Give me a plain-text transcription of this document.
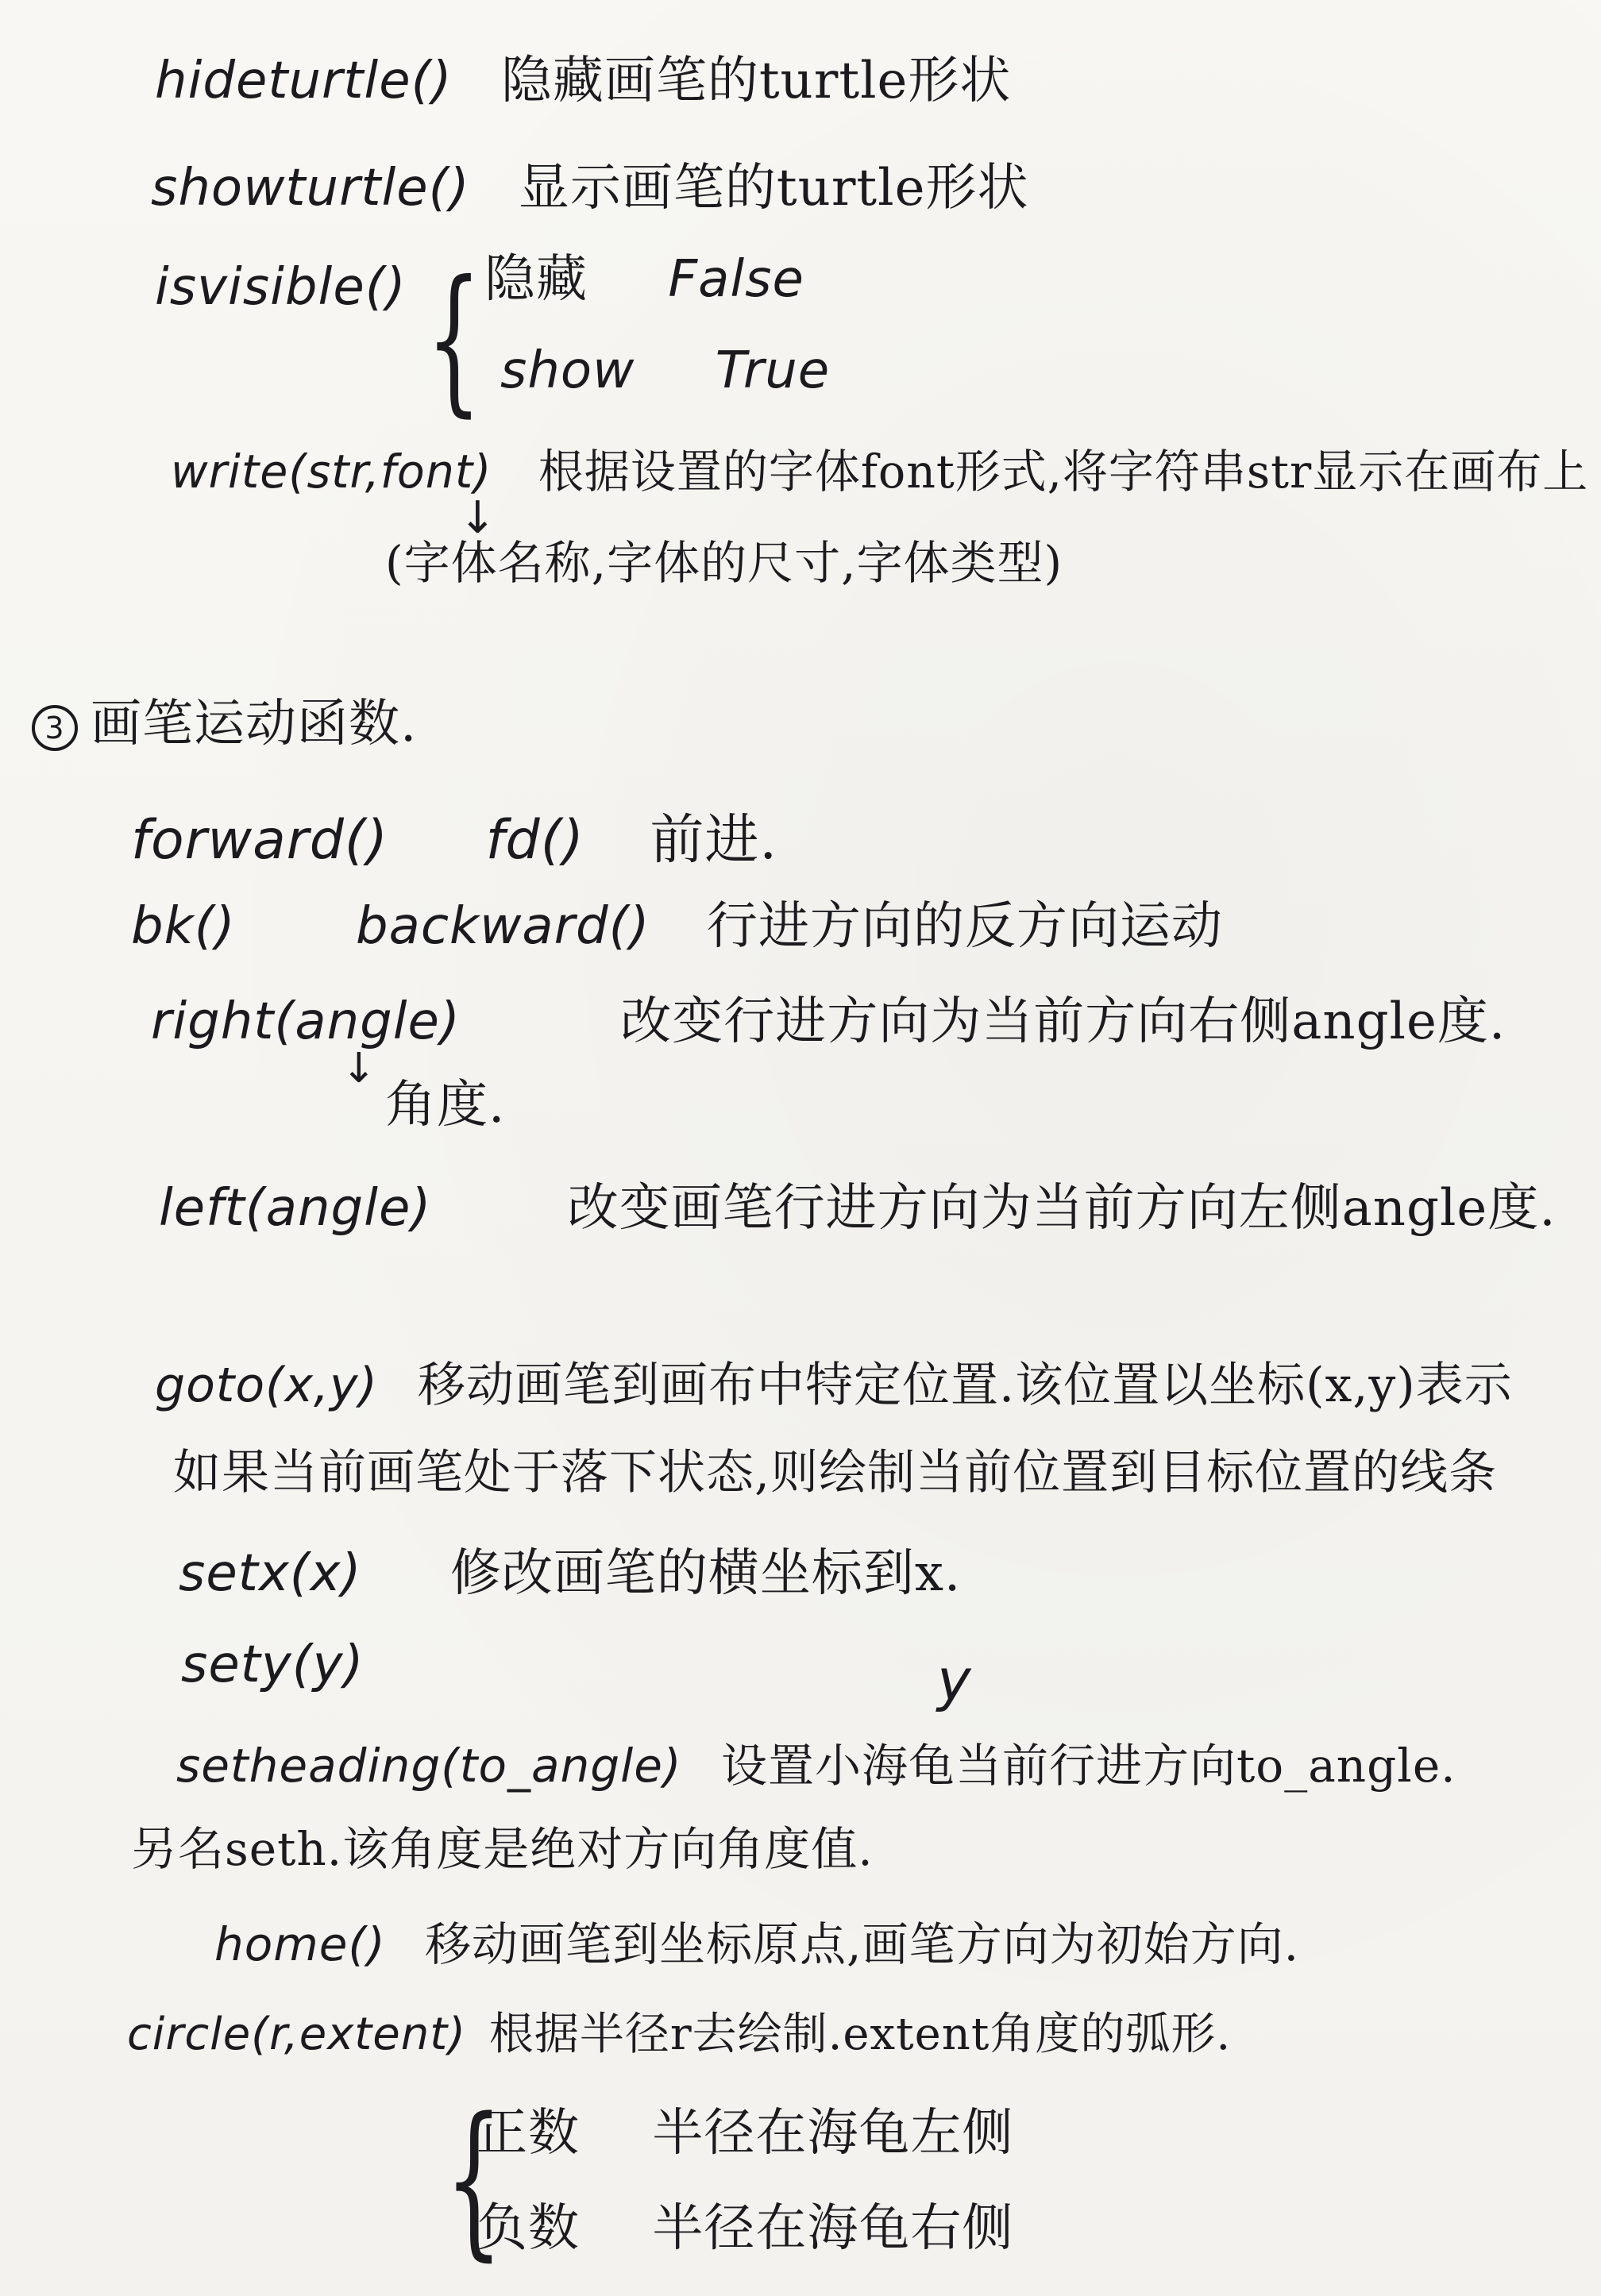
hideturtle() 隐藏画笔的turtle形状
showturtle() 显示画笔的turtle形状
isvisible() { 隐藏 False
show True
write(str,font) 根据设置的字体font形式,将字符串str显示在画布上
↓
(字体名称,字体的尺寸,字体类型)
3 画笔运动函数.
forward() fd() 前进.
bk() backward() 行进方向的反方向运动
right(angle)	改变行进方向为当前方向右侧angle度.
↓
角度.
left(angle)	改变画笔行进方向为当前方向左侧angle度.
goto(x,y) 移动画笔到画布中特定位置.该位置以坐标(x,y)表示
如果当前画笔处于落下状态,则绘制当前位置到目标位置的线条
setx(x) 修改画笔的横坐标到x.
sety(y)	y
setheading(to_angle) 设置小海龟当前行进方向to_angle.
另名seth.该角度是绝对方向角度值.
home() 移动画笔到坐标原点,画笔方向为初始方向.
circle(r,extent) 根据半径r去绘制.extent角度的弧形.
{
正数 半径在海龟左侧
负数 半径在海龟右侧
